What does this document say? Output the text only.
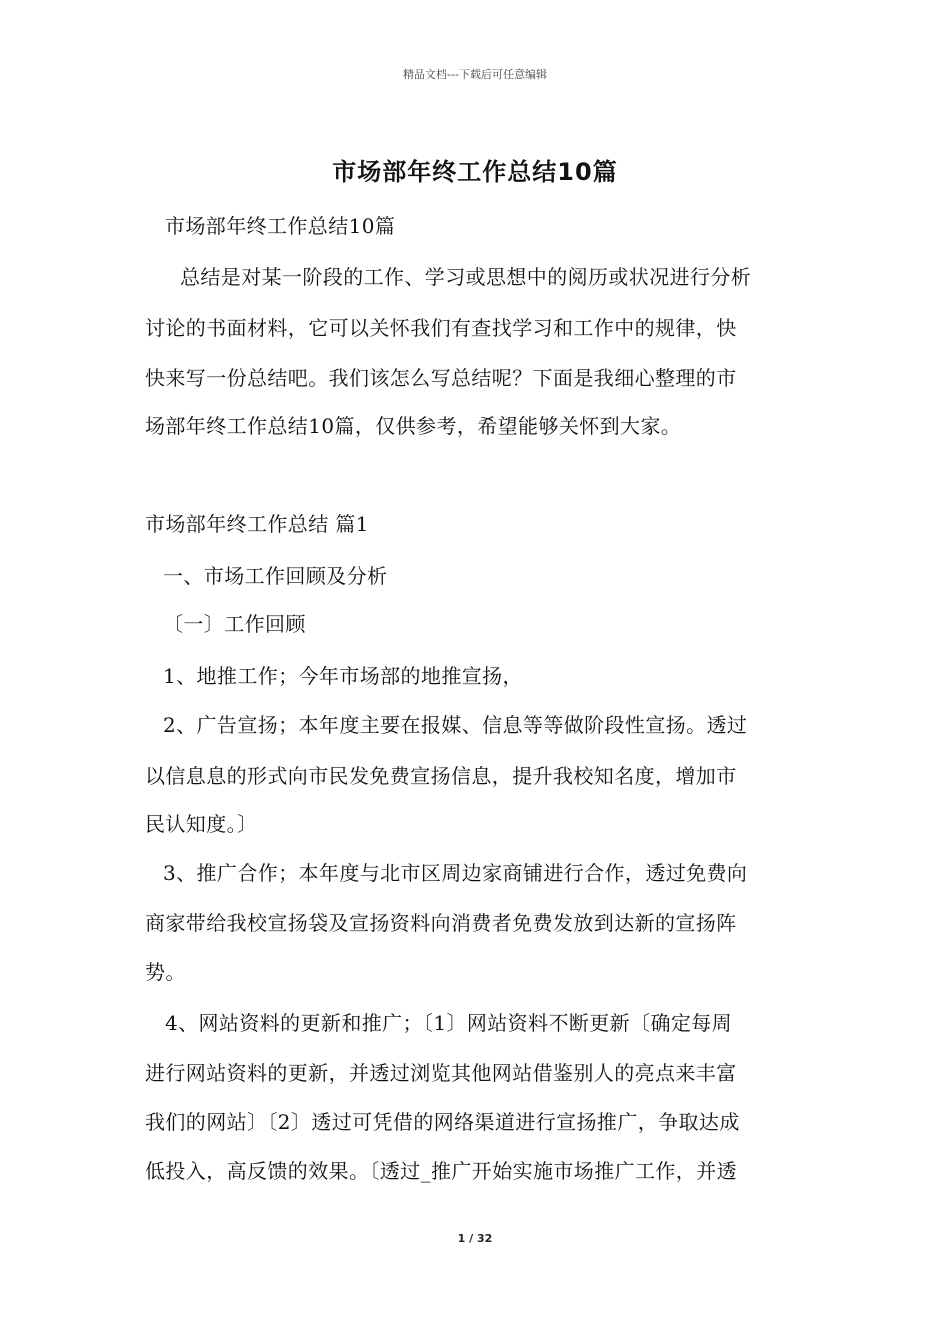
精品文档---下载后可任意编辑
市场部年终工作总结10篇
市场部年终工作总结10篇
总结是对某一阶段的工作、学习或思想中的阅历或状况进行分析
讨论的书面材料，它可以关怀我们有查找学习和工作中的规律，快
快来写一份总结吧。我们该怎么写总结呢？下面是我细心整理的市
场部年终工作总结10篇，仅供参考，希望能够关怀到大家。
市场部年终工作总结 篇1
一、市场工作回顾及分析
〔一〕工作回顾
1、地推工作；今年市场部的地推宣扬，
2、广告宣扬；本年度主要在报媒、信息等等做阶段性宣扬。透过
以信息息的形式向市民发免费宣扬信息，提升我校知名度，增加市
民认知度。〕
3、推广合作；本年度与北市区周边家商铺进行合作，透过免费向
商家带给我校宣扬袋及宣扬资料向消费者免费发放到达新的宣扬阵
势。
4、网站资料的更新和推广；〔1〕网站资料不断更新〔确定每周
进行网站资料的更新，并透过浏览其他网站借鉴别人的亮点来丰富
我们的网站〕〔2〕透过可凭借的网络渠道进行宣扬推广，争取达成
低投入，高反馈的效果。〔透过_推广开始实施市场推广工作，并透
1 / 32
